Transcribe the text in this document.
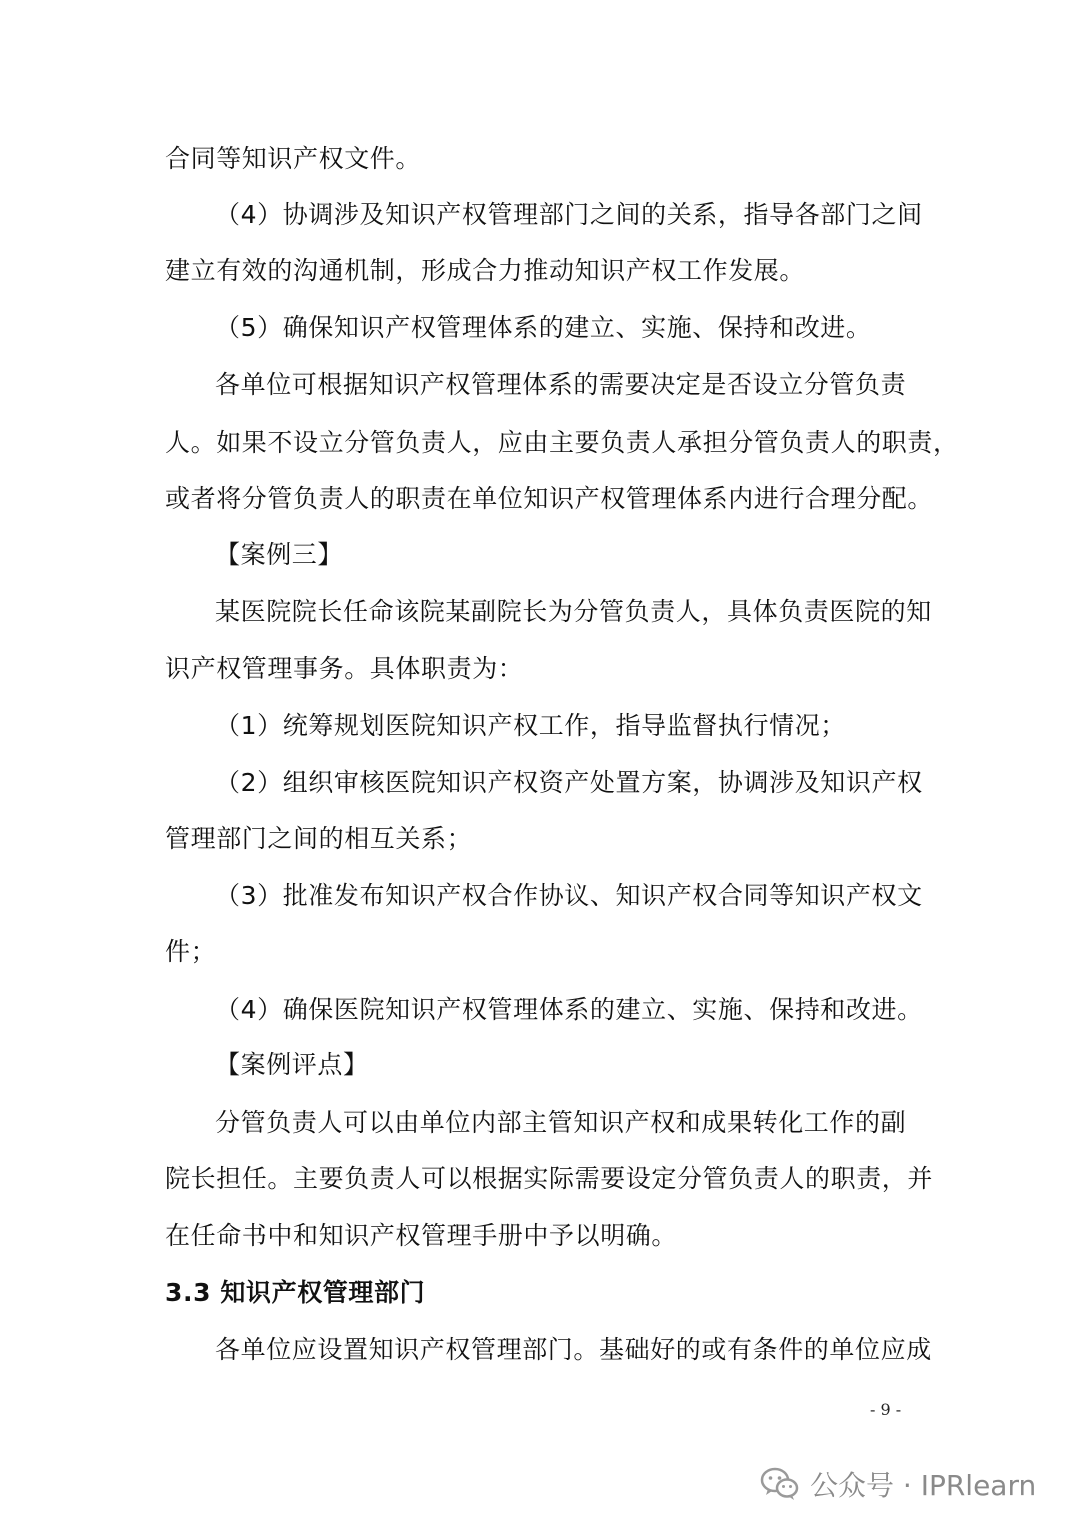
合同等知识产权文件。
（4）协调涉及知识产权管理部门之间的关系，指导各部门之间
建立有效的沟通机制，形成合力推动知识产权工作发展。
（5）确保知识产权管理体系的建立、实施、保持和改进。
各单位可根据知识产权管理体系的需要决定是否设立分管负责
人。如果不设立分管负责人，应由主要负责人承担分管负责人的职责，
或者将分管负责人的职责在单位知识产权管理体系内进行合理分配。
【案例三】
某医院院长任命该院某副院长为分管负责人，具体负责医院的知
识产权管理事务。具体职责为：
（1）统筹规划医院知识产权工作，指导监督执行情况；
（2）组织审核医院知识产权资产处置方案，协调涉及知识产权
管理部门之间的相互关系；
（3）批准发布知识产权合作协议、知识产权合同等知识产权文
件；
（4）确保医院知识产权管理体系的建立、实施、保持和改进。
【案例评点】
分管负责人可以由单位内部主管知识产权和成果转化工作的副
院长担任。主要负责人可以根据实际需要设定分管负责人的职责，并
在任命书中和知识产权管理手册中予以明确。
3.3 知识产权管理部门
各单位应设置知识产权管理部门。基础好的或有条件的单位应成
- 9 -
公众号 · IPRlearn
